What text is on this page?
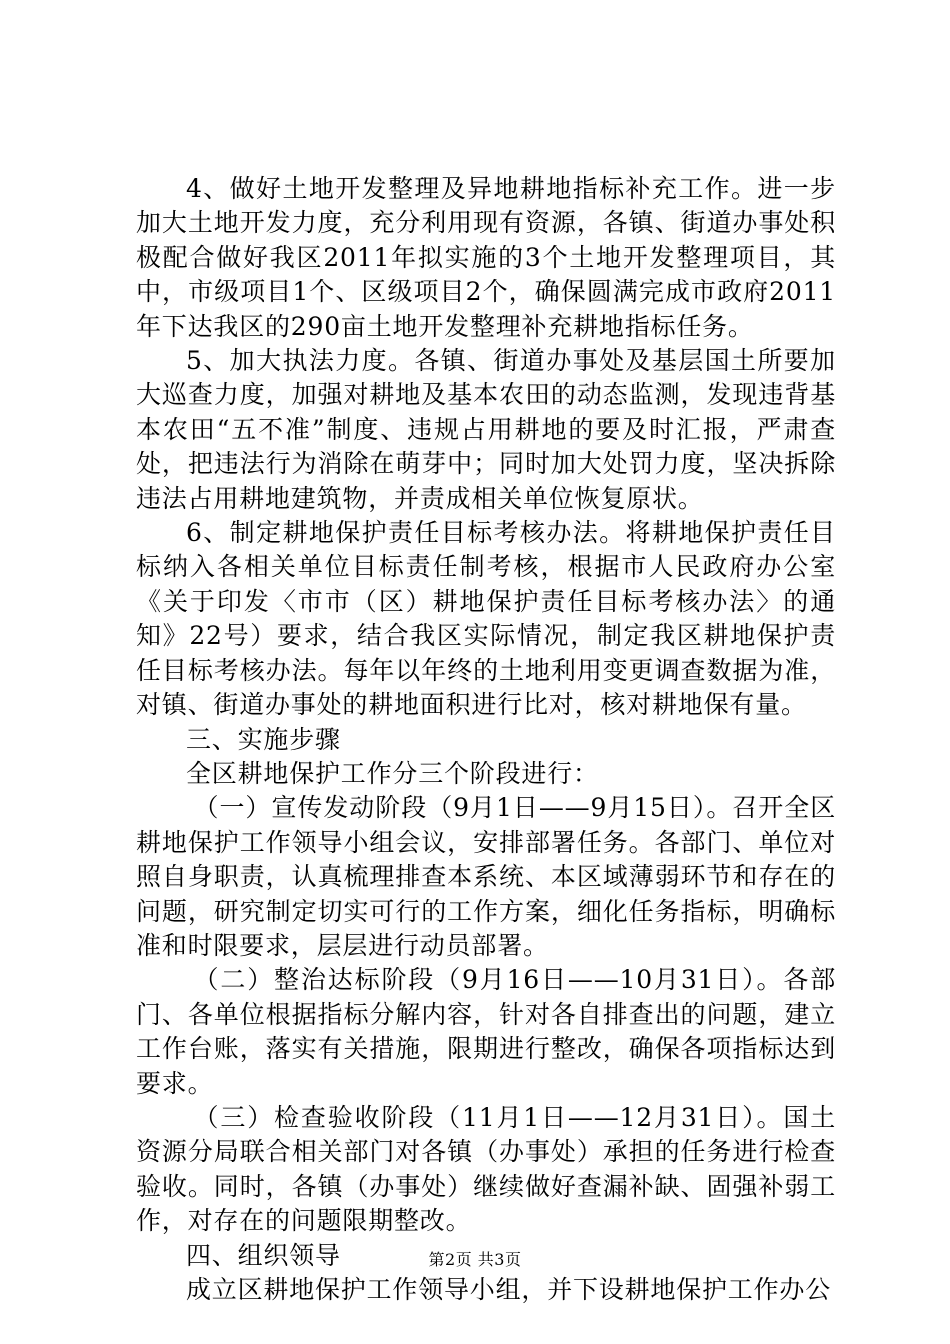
4、做好土地开发整理及异地耕地指标补充工作。进一步加大土地开发力度，充分利用现有资源，各镇、街道办事处积极配合做好我区2011年拟实施的3个土地开发整理项目，其中，市级项目1个、区级项目2个，确保圆满完成市政府2011年下达我区的290亩土地开发整理补充耕地指标任务。

5、加大执法力度。各镇、街道办事处及基层国土所要加大巡查力度，加强对耕地及基本农田的动态监测，发现违背基本农田“五不准”制度、违规占用耕地的要及时汇报，严肃查处，把违法行为消除在萌芽中；同时加大处罚力度，坚决拆除违法占用耕地建筑物，并责成相关单位恢复原状。

6、制定耕地保护责任目标考核办法。将耕地保护责任目标纳入各相关单位目标责任制考核，根据市人民政府办公室《关于印发〈市市（区）耕地保护责任目标考核办法〉的通知》22号）要求，结合我区实际情况，制定我区耕地保护责任目标考核办法。每年以年终的土地利用变更调查数据为准，对镇、街道办事处的耕地面积进行比对，核对耕地保有量。

三、实施步骤

全区耕地保护工作分三个阶段进行：

（一）宣传发动阶段（9月1日——9月15日）。召开全区耕地保护工作领导小组会议，安排部署任务。各部门、单位对照自身职责，认真梳理排查本系统、本区域薄弱环节和存在的问题，研究制定切实可行的工作方案，细化任务指标，明确标准和时限要求，层层进行动员部署。

（二）整治达标阶段（9月16日——10月31日）。各部门、各单位根据指标分解内容，针对各自排查出的问题，建立工作台账，落实有关措施，限期进行整改，确保各项指标达到要求。

（三）检查验收阶段（11月1日——12月31日）。国土资源分局联合相关部门对各镇（办事处）承担的任务进行检查验收。同时，各镇（办事处）继续做好查漏补缺、固强补弱工作，对存在的问题限期整改。

四、组织领导

成立区耕地保护工作领导小组，并下设耕地保护工作办公

第2页 共3页
